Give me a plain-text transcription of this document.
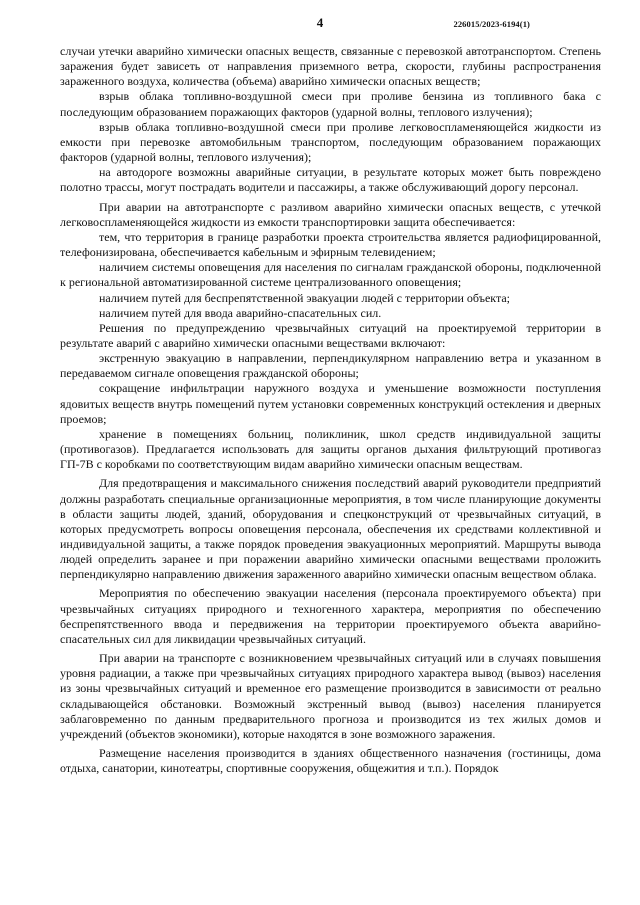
4	226015/2023-6194(1)

случаи утечки аварийно химически опасных веществ, связанные с перевозкой автотранспортом. Степень заражения будет зависеть от направления приземного ветра, скорости, глубины распространения зараженного воздуха, количества (объема) аварийно химически опасных веществ;

взрыв облака топливно-воздушной смеси при проливе бензина из топливного бака с последующим образованием поражающих факторов (ударной волны, теплового излучения);

взрыв облака топливно-воздушной смеси при проливе легковоспламеняющейся жидкости из емкости при перевозке автомобильным транспортом, последующим образованием поражающих факторов (ударной волны, теплового излучения);

на автодороге возможны аварийные ситуации, в результате которых может быть повреждено полотно трассы, могут пострадать водители и пассажиры, а также обслуживающий дорогу персонал.

При аварии на автотранспорте с разливом аварийно химически опасных веществ, с утечкой легковоспламеняющейся жидкости из емкости транспортировки защита обеспечивается:

тем, что территория в границе разработки проекта строительства является радиофицированной, телефонизирована, обеспечивается кабельным и эфирным телевидением;

наличием системы оповещения для населения по сигналам гражданской обороны, подключенной к региональной автоматизированной системе централизованного оповещения;

наличием путей для беспрепятственной эвакуации людей с территории объекта;

наличием путей для ввода аварийно-спасательных сил.

Решения по предупреждению чрезвычайных ситуаций на проектируемой территории в результате аварий с аварийно химически опасными веществами включают:

экстренную эвакуацию в направлении, перпендикулярном направлению ветра и указанном в передаваемом сигнале оповещения гражданской обороны;

сокращение инфильтрации наружного воздуха и уменьшение возможности поступления ядовитых веществ внутрь помещений путем установки современных конструкций остекления и дверных проемов;

хранение в помещениях больниц, поликлиник, школ средств индивидуальной защиты (противогазов). Предлагается использовать для защиты органов дыхания фильтрующий противогаз ГП-7В с коробками по соответствующим видам аварийно химически опасным веществам.

Для предотвращения и максимального снижения последствий аварий руководители предприятий должны разработать специальные организационные мероприятия, в том числе планирующие документы в области защиты людей, зданий, оборудования и спецконструкций от чрезвычайных ситуаций, в которых предусмотреть вопросы оповещения персонала, обеспечения их средствами коллективной и индивидуальной защиты, а также порядок проведения эвакуационных мероприятий. Маршруты вывода людей определить заранее и при поражении аварийно химически опасными веществами проложить перпендикулярно направлению движения зараженного аварийно химически опасным веществом облака.

Мероприятия по обеспечению эвакуации населения (персонала проектируемого объекта) при чрезвычайных ситуациях природного и техногенного характера, мероприятия по обеспечению беспрепятственного ввода и передвижения на территории проектируемого объекта аварийно-спасательных сил для ликвидации чрезвычайных ситуаций.

При аварии на транспорте с возникновением чрезвычайных ситуаций или в случаях повышения уровня радиации, а также при чрезвычайных ситуациях природного характера вывод (вывоз) населения из зоны чрезвычайных ситуаций и временное его размещение производится в зависимости от реально складывающейся обстановки. Возможный экстренный вывод (вывоз) населения планируется заблаговременно по данным предварительного прогноза и производится из тех жилых домов и учреждений (объектов экономики), которые находятся в зоне возможного заражения.

Размещение населения производится в зданиях общественного назначения (гостиницы, дома отдыха, санатории, кинотеатры, спортивные сооружения, общежития и т.п.). Порядок
